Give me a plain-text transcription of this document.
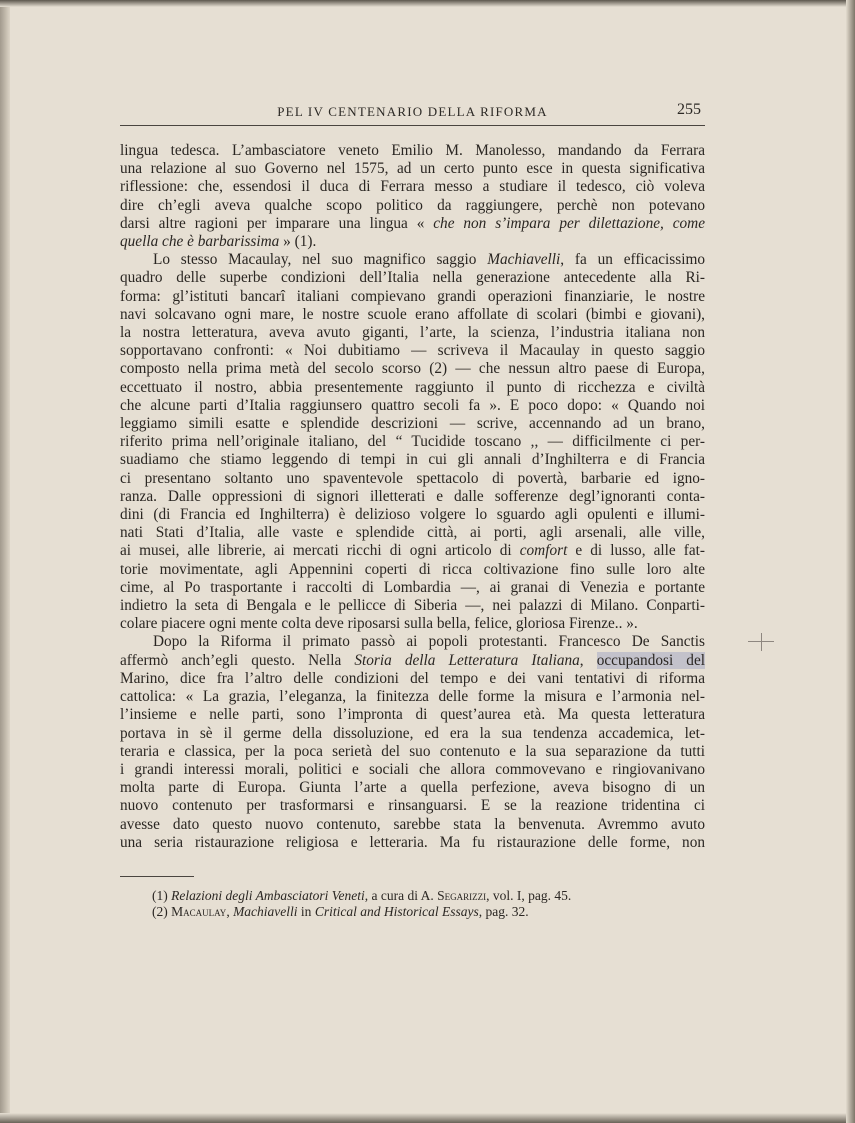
PEL IV CENTENARIO DELLA RIFORMA	255
lingua tedesca. L’ambasciatore veneto Emilio M. Manolesso, mandando da Ferrara
una relazione al suo Governo nel 1575, ad un certo punto esce in questa significativa
riflessione: che, essendosi il duca di Ferrara messo a studiare il tedesco, ciò voleva
dire ch’egli aveva qualche scopo politico da raggiungere, perchè non potevano
darsi altre ragioni per imparare una lingua « che non s’impara per dilettazione, come
quella che è barbarissima » (1).
Lo stesso Macaulay, nel suo magnifico saggio Machiavelli, fa un efficacissimo
quadro delle superbe condizioni dell’Italia nella generazione antecedente alla Ri-
forma: gl’istituti bancarî italiani compievano grandi operazioni finanziarie, le nostre
navi solcavano ogni mare, le nostre scuole erano affollate di scolari (bimbi e giovani),
la nostra letteratura, aveva avuto giganti, l’arte, la scienza, l’industria italiana non
sopportavano confronti: « Noi dubitiamo — scriveva il Macaulay in questo saggio
composto nella prima metà del secolo scorso (2) — che nessun altro paese di Europa,
eccettuato il nostro, abbia presentemente raggiunto il punto di ricchezza e civiltà
che alcune parti d’Italia raggiunsero quattro secoli fa ». E poco dopo: « Quando noi
leggiamo simili esatte e splendide descrizioni — scrive, accennando ad un brano,
riferito prima nell’originale italiano, del “ Tucidide toscano ,, — difficilmente ci per-
suadiamo che stiamo leggendo di tempi in cui gli annali d’Inghilterra e di Francia
ci presentano soltanto uno spaventevole spettacolo di povertà, barbarie ed igno-
ranza. Dalle oppressioni di signori illetterati e dalle sofferenze degl’ignoranti conta-
dini (di Francia ed Inghilterra) è delizioso volgere lo sguardo agli opulenti e illumi-
nati Stati d’Italia, alle vaste e splendide città, ai porti, agli arsenali, alle ville,
ai musei, alle librerie, ai mercati ricchi di ogni articolo di comfort e di lusso, alle fat-
torie movimentate, agli Appennini coperti di ricca coltivazione fino sulle loro alte
cime, al Po trasportante i raccolti di Lombardia —, ai granai di Venezia e portante
indietro la seta di Bengala e le pellicce di Siberia —, nei palazzi di Milano. Conparti-
colare piacere ogni mente colta deve riposarsi sulla bella, felice, gloriosa Firenze.. ».
Dopo la Riforma il primato passò ai popoli protestanti. Francesco De Sanctis
affermò anch’egli questo. Nella Storia della Letteratura Italiana, occupandosi del
Marino, dice fra l’altro delle condizioni del tempo e dei vani tentativi di riforma
cattolica: « La grazia, l’eleganza, la finitezza delle forme la misura e l’armonia nel-
l’insieme e nelle parti, sono l’impronta di quest’aurea età. Ma questa letteratura
portava in sè il germe della dissoluzione, ed era la sua tendenza accademica, let-
teraria e classica, per la poca serietà del suo contenuto e la sua separazione da tutti
i grandi interessi morali, politici e sociali che allora commovevano e ringiovanivano
molta parte di Europa. Giunta l’arte a quella perfezione, aveva bisogno di un
nuovo contenuto per trasformarsi e rinsanguarsi. E se la reazione tridentina ci
avesse dato questo nuovo contenuto, sarebbe stata la benvenuta. Avremmo avuto
una seria ristaurazione religiosa e letteraria. Ma fu ristaurazione delle forme, non
(1) Relazioni degli Ambasciatori Veneti, a cura di A. Segarizzi, vol. I, pag. 45.
(2) Macaulay, Machiavelli in Critical and Historical Essays, pag. 32.
